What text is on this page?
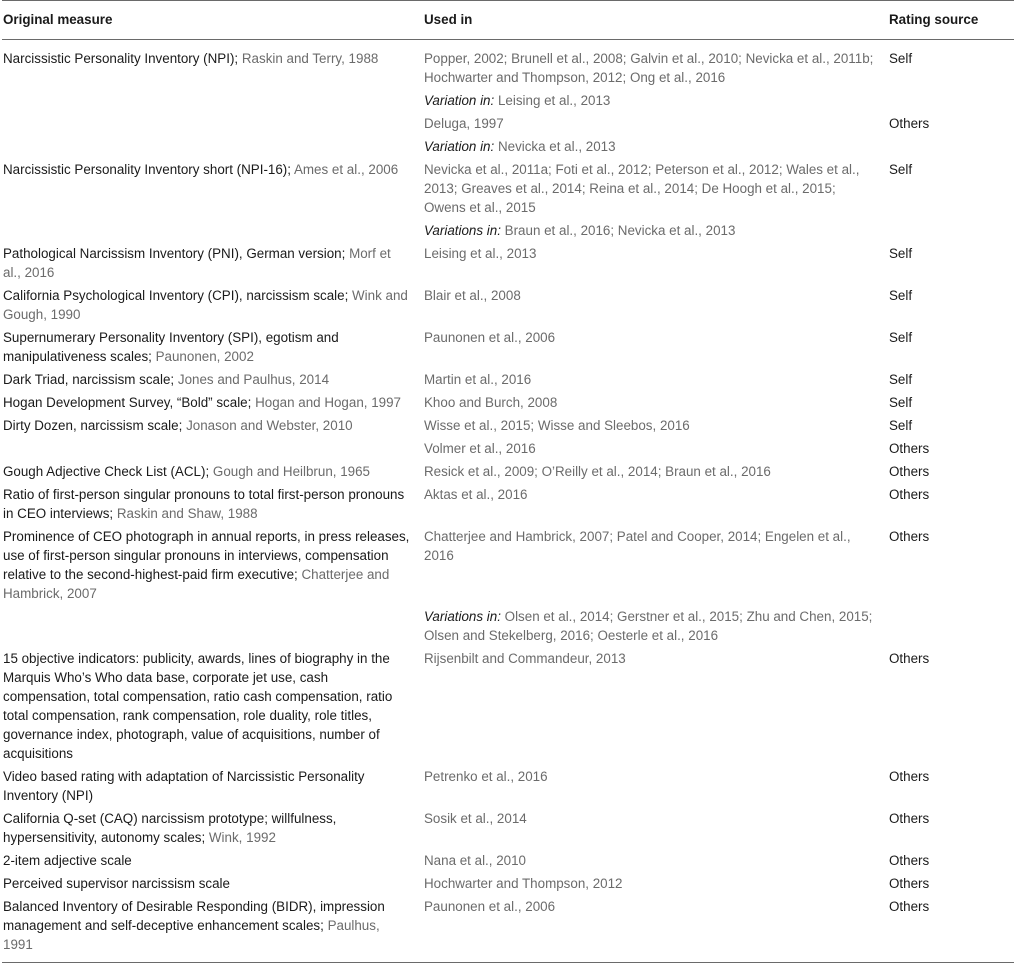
Original measure	Used in	Rating source
Narcissistic Personality Inventory (NPI); Raskin and Terry, 1988	Popper, 2002; Brunell et al., 2008; Galvin et al., 2010; Nevicka et al., 2011b; Hochwarter and Thompson, 2012; Ong et al., 2016	Self
	Variation in: Leising et al., 2013	
	Deluga, 1997	Others
	Variation in: Nevicka et al., 2013	
Narcissistic Personality Inventory short (NPI-16); Ames et al., 2006	Nevicka et al., 2011a; Foti et al., 2012; Peterson et al., 2012; Wales et al., 2013; Greaves et al., 2014; Reina et al., 2014; De Hoogh et al., 2015; Owens et al., 2015	Self
	Variations in: Braun et al., 2016; Nevicka et al., 2013	
Pathological Narcissism Inventory (PNI), German version; Morf et al., 2016	Leising et al., 2013	Self
California Psychological Inventory (CPI), narcissism scale; Wink and Gough, 1990	Blair et al., 2008	Self
Supernumerary Personality Inventory (SPI), egotism and manipulativeness scales; Paunonen, 2002	Paunonen et al., 2006	Self
Dark Triad, narcissism scale; Jones and Paulhus, 2014	Martin et al., 2016	Self
Hogan Development Survey, “Bold” scale; Hogan and Hogan, 1997	Khoo and Burch, 2008	Self
Dirty Dozen, narcissism scale; Jonason and Webster, 2010	Wisse et al., 2015; Wisse and Sleebos, 2016	Self
	Volmer et al., 2016	Others
Gough Adjective Check List (ACL); Gough and Heilbrun, 1965	Resick et al., 2009; O’Reilly et al., 2014; Braun et al., 2016	Others
Ratio of first-person singular pronouns to total first-person pronouns in CEO interviews; Raskin and Shaw, 1988	Aktas et al., 2016	Others
Prominence of CEO photograph in annual reports, in press releases, use of first-person singular pronouns in interviews, compensation relative to the second-highest-paid firm executive; Chatterjee and Hambrick, 2007	Chatterjee and Hambrick, 2007; Patel and Cooper, 2014; Engelen et al., 2016	Others
	Variations in: Olsen et al., 2014; Gerstner et al., 2015; Zhu and Chen, 2015; Olsen and Stekelberg, 2016; Oesterle et al., 2016	
15 objective indicators: publicity, awards, lines of biography in the Marquis Who’s Who data base, corporate jet use, cash compensation, total compensation, ratio cash compensation, ratio total compensation, rank compensation, role duality, role titles, governance index, photograph, value of acquisitions, number of acquisitions	Rijsenbilt and Commandeur, 2013	Others
Video based rating with adaptation of Narcissistic Personality Inventory (NPI)	Petrenko et al., 2016	Others
California Q-set (CAQ) narcissism prototype; willfulness, hypersensitivity, autonomy scales; Wink, 1992	Sosik et al., 2014	Others
2-item adjective scale	Nana et al., 2010	Others
Perceived supervisor narcissism scale	Hochwarter and Thompson, 2012	Others
Balanced Inventory of Desirable Responding (BIDR), impression management and self-deceptive enhancement scales; Paulhus, 1991	Paunonen et al., 2006	Others
